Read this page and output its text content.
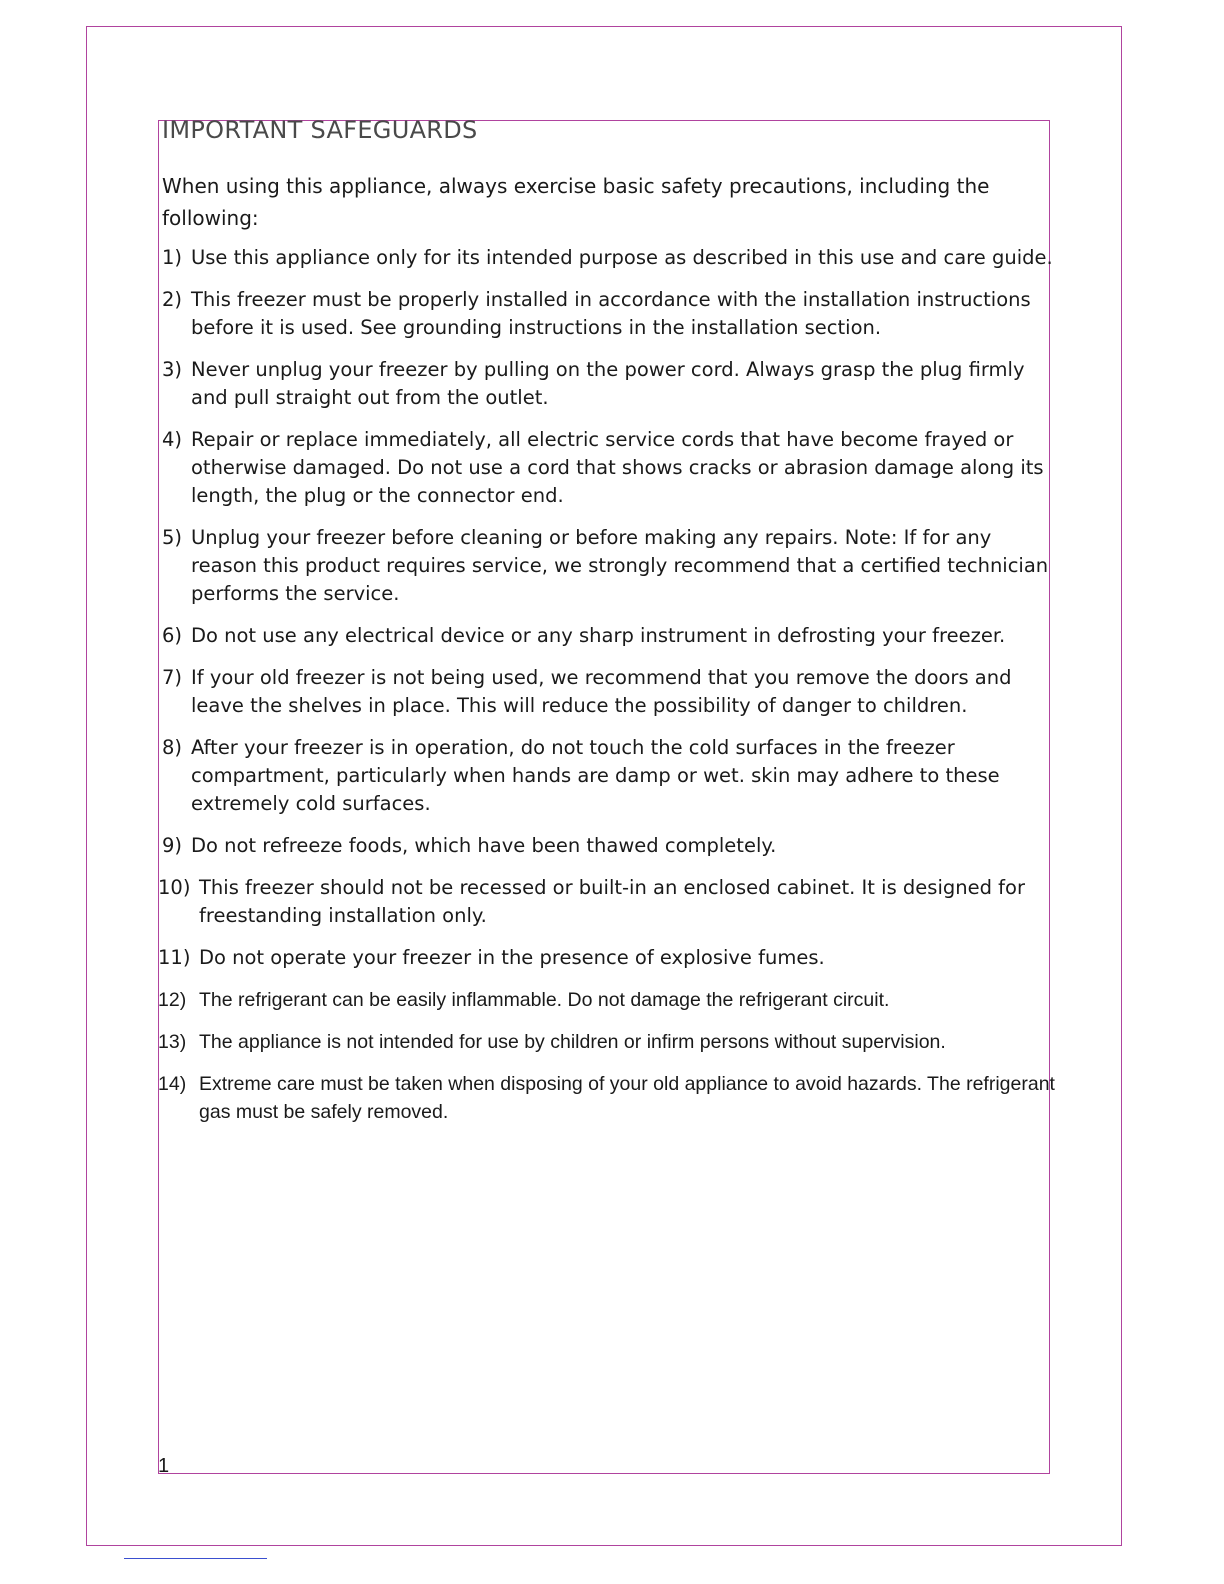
IMPORTANT SAFEGUARDS

When using this appliance, always exercise basic safety precautions, including the following:

1) Use this appliance only for its intended purpose as described in this use and care guide.
2) This freezer must be properly installed in accordance with the installation instructions before it is used. See grounding instructions in the installation section.
3) Never unplug your freezer by pulling on the power cord. Always grasp the plug firmly and pull straight out from the outlet.
4) Repair or replace immediately, all electric service cords that have become frayed or otherwise damaged. Do not use a cord that shows cracks or abrasion damage along its length, the plug or the connector end.
5) Unplug your freezer before cleaning or before making any repairs. Note: If for any reason this product requires service, we strongly recommend that a certified technician performs the service.
6) Do not use any electrical device or any sharp instrument in defrosting your freezer.
7) If your old freezer is not being used, we recommend that you remove the doors and leave the shelves in place. This will reduce the possibility of danger to children.
8) After your freezer is in operation, do not touch the cold surfaces in the freezer compartment, particularly when hands are damp or wet. skin may adhere to these extremely cold surfaces.
9) Do not refreeze foods, which have been thawed completely.
10) This freezer should not be recessed or built-in an enclosed cabinet. It is designed for freestanding installation only.
11) Do not operate your freezer in the presence of explosive fumes.
12) The refrigerant can be easily inflammable. Do not damage the refrigerant circuit.
13) The appliance is not intended for use by children or infirm persons without supervision.
14) Extreme care must be taken when disposing of your old appliance to avoid hazards. The refrigerant gas must be safely removed.
1
